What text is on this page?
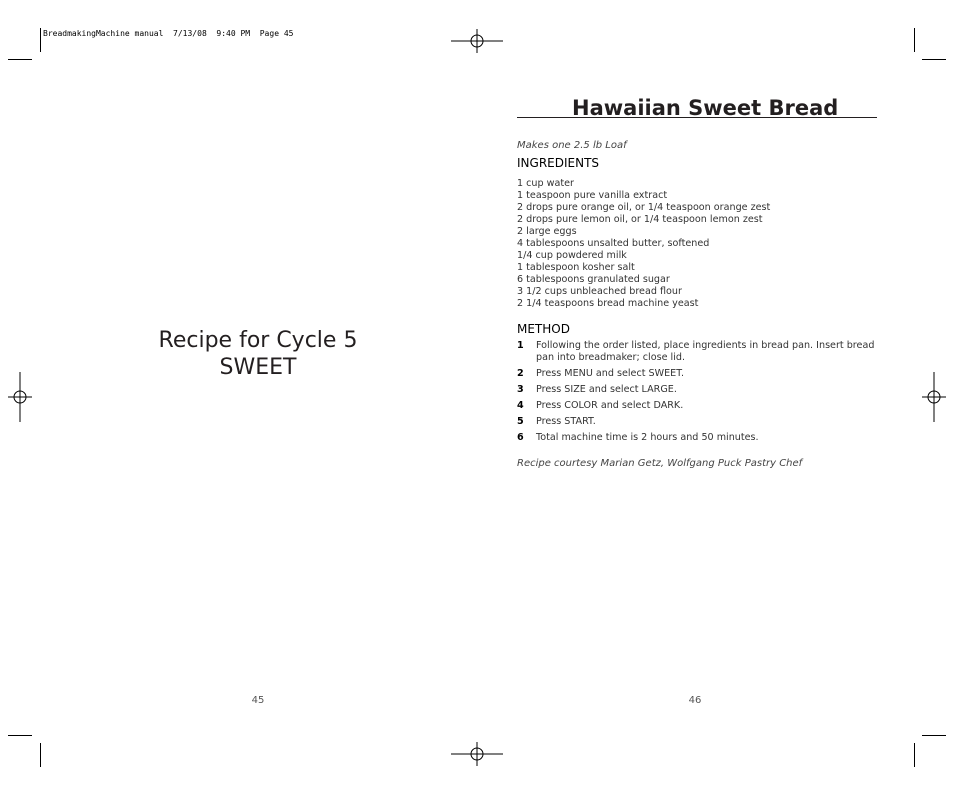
BreadmakingMachine manual  7/13/08  9:40 PM  Page 45
Recipe for Cycle 5
SWEET
45
Hawaiian Sweet Bread
Makes one 2.5 lb Loaf
INGREDIENTS
1 cup water
1 teaspoon pure vanilla extract
2 drops pure orange oil, or 1/4 teaspoon orange zest
2 drops pure lemon oil, or 1/4 teaspoon lemon zest
2 large eggs
4 tablespoons unsalted butter, softened
1/4 cup powdered milk
1 tablespoon kosher salt
6 tablespoons granulated sugar
3 1/2 cups unbleached bread flour
2 1/4 teaspoons bread machine yeast
METHOD
1	Following the order listed, place ingredients in bread pan. Insert bread pan into breadmaker; close lid.
2	Press MENU and select SWEET.
3	Press SIZE and select LARGE.
4	Press COLOR and select DARK.
5	Press START.
6	Total machine time is 2 hours and 50 minutes.
Recipe courtesy Marian Getz, Wolfgang Puck Pastry Chef
46
